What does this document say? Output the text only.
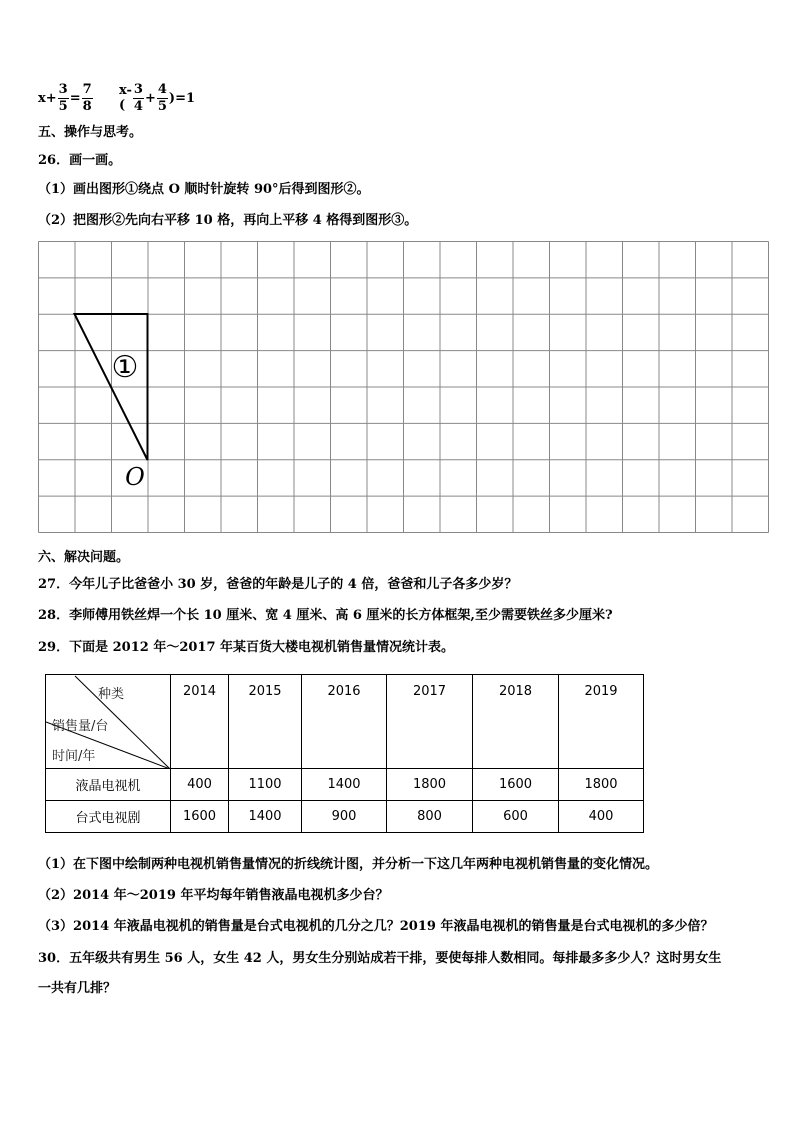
$x+ \frac{3}{5} = \frac{7}{8} x-( \frac{3}{4} + \frac{4}{5} )=1$
五、操作与思考。
26．画一画。
（1）画出图形①绕点 O 顺时针旋转 90°后得到图形②。
（2）把图形②先向右平移 10 格，再向上平移 4 格得到图形③。
①
O
六、解决问题。
27．今年儿子比爸爸小 30 岁，爸爸的年龄是儿子的 4 倍，爸爸和儿子各多少岁？
28．李师傅用铁丝焊一个长 10 厘米、宽 4 厘米、高 6 厘米的长方体框架,至少需要铁丝多少厘米?
29．下面是 2012 年～2017 年某百货大楼电视机销售量情况统计表。
种类
销售量/台
时间/年	2014	2015	2016	2017	2018	2019
液晶电视机	400	1100	1400	1800	1600	1800
台式电视剧	1600	1400	900	800	600	400
（1）在下图中绘制两种电视机销售量情况的折线统计图，并分析一下这几年两种电视机销售量的变化情况。
（2）2014 年～2019 年平均每年销售液晶电视机多少台？
（3）2014 年液晶电视机的销售量是台式电视机的几分之几？2019 年液晶电视机的销售量是台式电视机的多少倍？
30．五年级共有男生 56 人，女生 42 人，男女生分别站成若干排，要使每排人数相同。每排最多多少人？这时男女生
一共有几排？
